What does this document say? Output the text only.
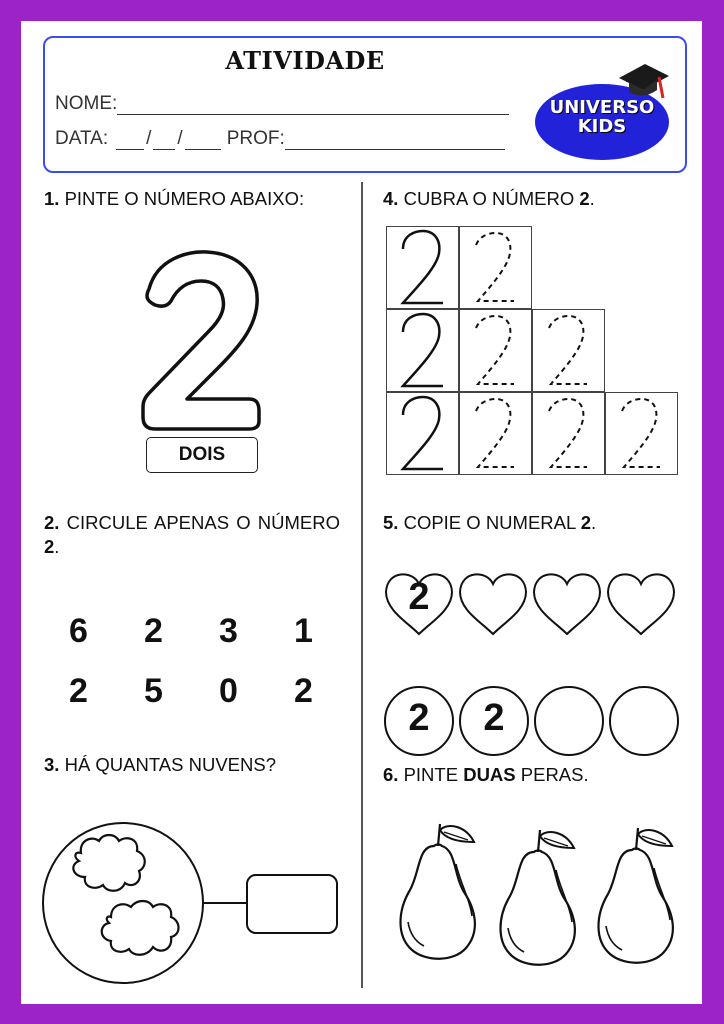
ATIVIDADE
NOME:
DATA: / / PROF:
UNIVERSO
KIDS
1. PINTE O NÚMERO ABAIXO:
DOIS
2. CIRCULE APENAS O NÚMERO 2.
6	2	3	1
2	5	0	2
3. HÁ QUANTAS NUVENS?
4. CUBRA O NÚMERO 2.
5. COPIE O NUMERAL 2.
2
2	2
6. PINTE DUAS PERAS.
